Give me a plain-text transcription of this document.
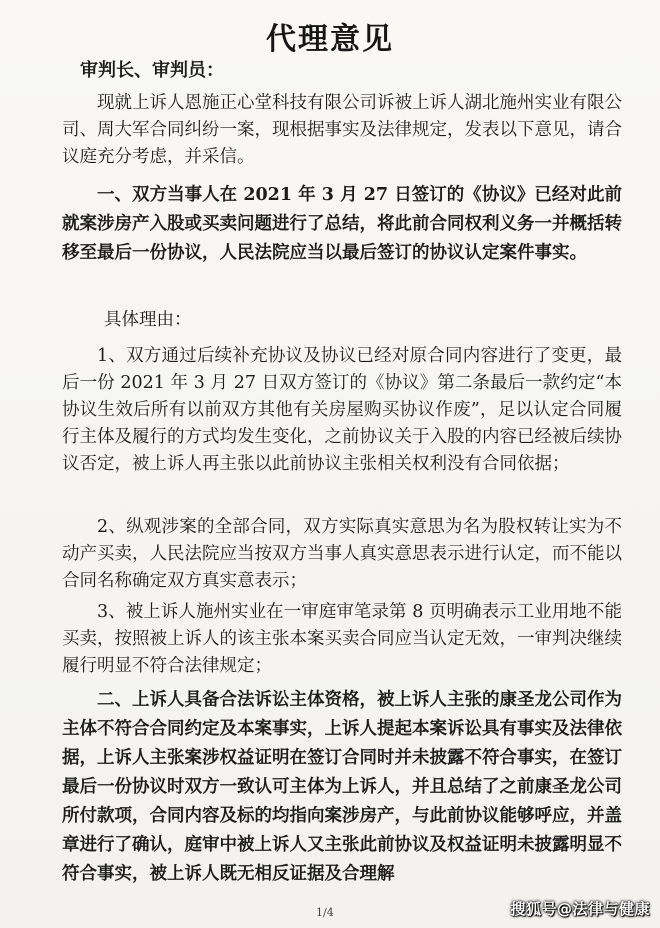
代理意见
审判长、审判员：
现就上诉人恩施正心堂科技有限公司诉被上诉人湖北施州实业有限公司、周大军合同纠纷一案，现根据事实及法律规定，发表以下意见，请合议庭充分考虑，并采信。
一、双方当事人在 2021 年 3 月 27 日签订的《协议》已经对此前就案涉房产入股或买卖问题进行了总结，将此前合同权利义务一并概括转移至最后一份协议，人民法院应当以最后签订的协议认定案件事实。
具体理由：
1、双方通过后续补充协议及协议已经对原合同内容进行了变更，最后一份 2021 年 3 月 27 日双方签订的《协议》第二条最后一款约定“本协议生效后所有以前双方其他有关房屋购买协议作废”，足以认定合同履行主体及履行的方式均发生变化，之前协议关于入股的内容已经被后续协议否定，被上诉人再主张以此前协议主张相关权利没有合同依据；
2、纵观涉案的全部合同，双方实际真实意思为名为股权转让实为不动产买卖，人民法院应当按双方当事人真实意思表示进行认定，而不能以合同名称确定双方真实意表示；
3、被上诉人施州实业在一审庭审笔录第 8 页明确表示工业用地不能买卖，按照被上诉人的该主张本案买卖合同应当认定无效，一审判决继续履行明显不符合法律规定；
二、上诉人具备合法诉讼主体资格，被上诉人主张的康圣龙公司作为主体不符合合同约定及本案事实，上诉人提起本案诉讼具有事实及法律依据，上诉人主张案涉权益证明在签订合同时并未披露不符合事实，在签订最后一份协议时双方一致认可主体为上诉人，并且总结了之前康圣龙公司所付款项，合同内容及标的均指向案涉房产，与此前协议能够呼应，并盖章进行了确认，庭审中被上诉人又主张此前协议及权益证明未披露明显不符合事实，被上诉人既无相反证据及合理解
1/4	搜狐号@法律与健康
